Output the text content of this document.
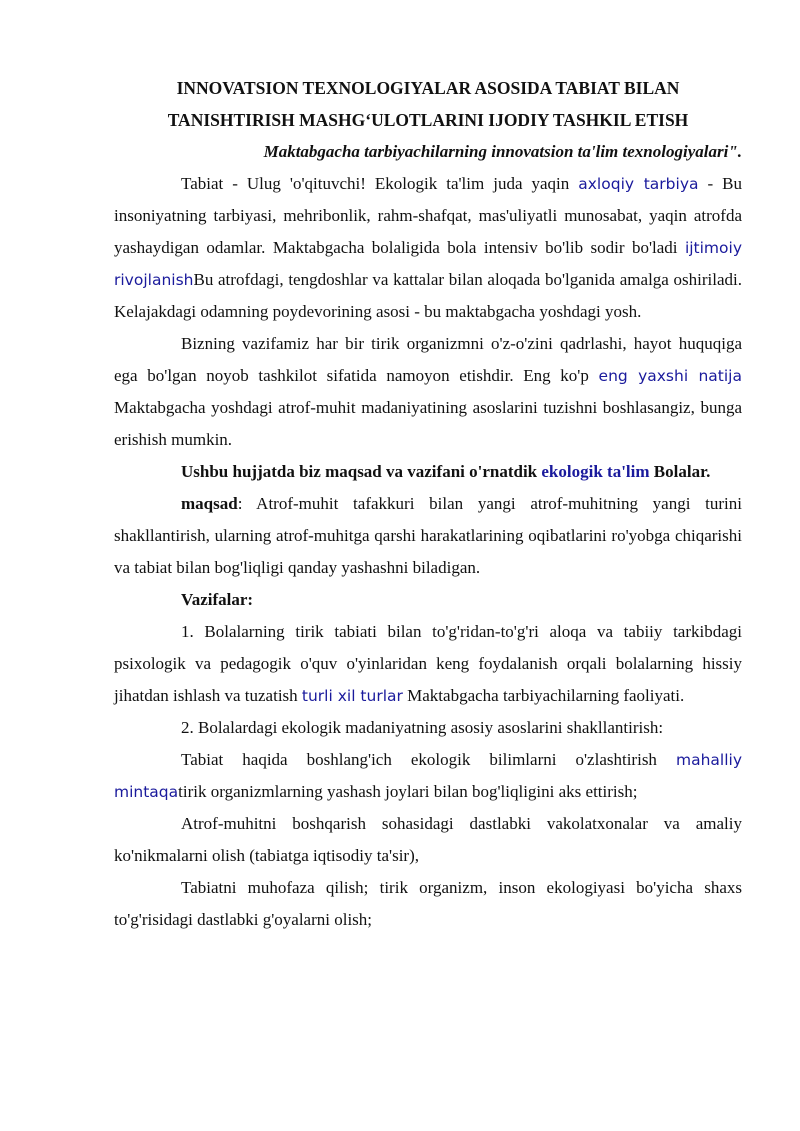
INNOVATSION TEXNOLOGIYALAR ASOSIDA TABIAT BILAN
TANISHTIRISH MASHG‘ULOTLARINI IJODIY TASHKIL ETISH
Maktabgacha tarbiyachilarning innovatsion ta'lim texnologiyalari".

Tabiat - Ulug 'o'qituvchi! Ekologik ta'lim juda yaqin axloqiy tarbiya - Bu insoniyatning tarbiyasi, mehribonlik, rahm-shafqat, mas'uliyatli munosabat, yaqin atrofda yashaydigan odamlar. Maktabgacha bolaligida bola intensiv bo'lib sodir bo'ladi ijtimoiy rivojlanishBu atrofdagi, tengdoshlar va kattalar bilan aloqada bo'lganida amalga oshiriladi. Kelajakdagi odamning poydevorining asosi - bu maktabgacha yoshdagi yosh.

Bizning vazifamiz har bir tirik organizmni o'z-o'zini qadrlashi, hayot huquqiga ega bo'lgan noyob tashkilot sifatida namoyon etishdir. Eng ko'p eng yaxshi natija Maktabgacha yoshdagi atrof-muhit madaniyatining asoslarini tuzishni boshlasangiz, bunga erishish mumkin.

Ushbu hujjatda biz maqsad va vazifani o'rnatdik ekologik ta'lim Bolalar.

maqsad: Atrof-muhit tafakkuri bilan yangi atrof-muhitning yangi turini shakllantirish, ularning atrof-muhitga qarshi harakatlarining oqibatlarini ro'yobga chiqarishi va tabiat bilan bog'liqligi qanday yashashni biladigan.

Vazifalar:

1. Bolalarning tirik tabiati bilan to'g'ridan-to'g'ri aloqa va tabiiy tarkibdagi psixologik va pedagogik o'quv o'yinlaridan keng foydalanish orqali bolalarning hissiy jihatdan ishlash va tuzatish turli xil turlar Maktabgacha tarbiyachilarning faoliyati.

2. Bolalardagi ekologik madaniyatning asosiy asoslarini shakllantirish:

Tabiat haqida boshlang'ich ekologik bilimlarni o'zlashtirish mahalliy mintaqatirik organizmlarning yashash joylari bilan bog'liqligini aks ettirish;

Atrof-muhitni boshqarish sohasidagi dastlabki vakolatxonalar va amaliy ko'nikmalarni olish (tabiatga iqtisodiy ta'sir),

Tabiatni muhofaza qilish; tirik organizm, inson ekologiyasi bo'yicha shaxs to'g'risidagi dastlabki g'oyalarni olish;
